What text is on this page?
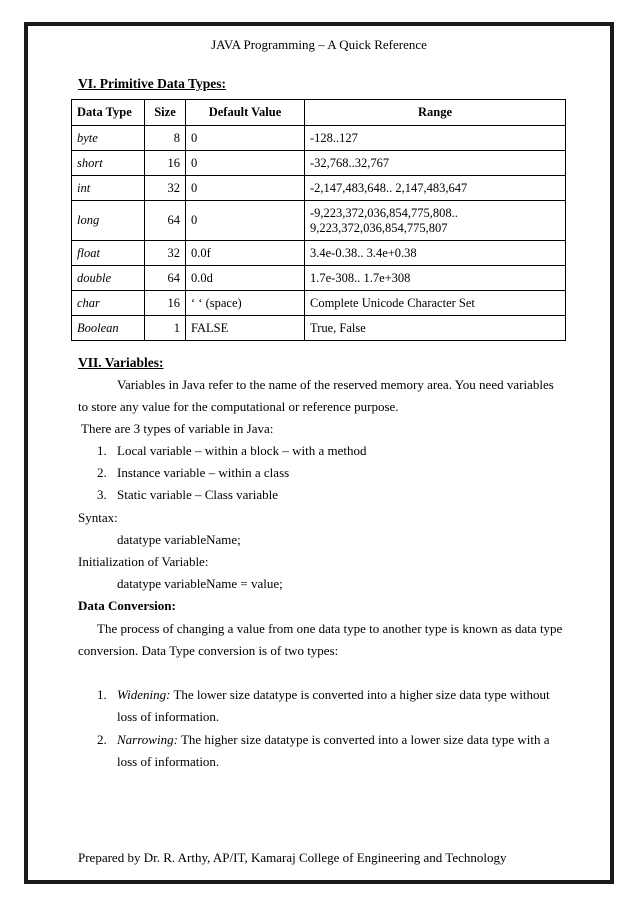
JAVA Programming – A Quick Reference
VI. Primitive Data Types:
Data Type	Size	Default Value	Range
byte	8	0	-128..127
short	16	0	-32,768..32,767
int	32	0	-2,147,483,648.. 2,147,483,647
long	64	0	-9,223,372,036,854,775,808..
9,223,372,036,854,775,807

float	32	0.0f	3.4e-0.38.. 3.4e+0.38
double	64	0.0d	1.7e-308.. 1.7e+308
char	16	‘ ‘ (space)	Complete Unicode Character Set
Boolean	1	FALSE	True, False
VII. Variables:
Variables in Java refer to the name of the reserved memory area. You need variables
to store any value for the computational or reference purpose.
There are 3 types of variable in Java:
1. Local variable – within a block – with a method
2. Instance variable – within a class
3. Static variable – Class variable
Syntax:
datatype variableName;
Initialization of Variable:
datatype variableName = value;
Data Conversion:
The process of changing a value from one data type to another type is known as data type
conversion. Data Type conversion is of two types:
1. Widening: The lower size datatype is converted into a higher size data type without
loss of information.
2. Narrowing: The higher size datatype is converted into a lower size data type with a
loss of information.
Prepared by Dr. R. Arthy, AP/IT, Kamaraj College of Engineering and Technology
